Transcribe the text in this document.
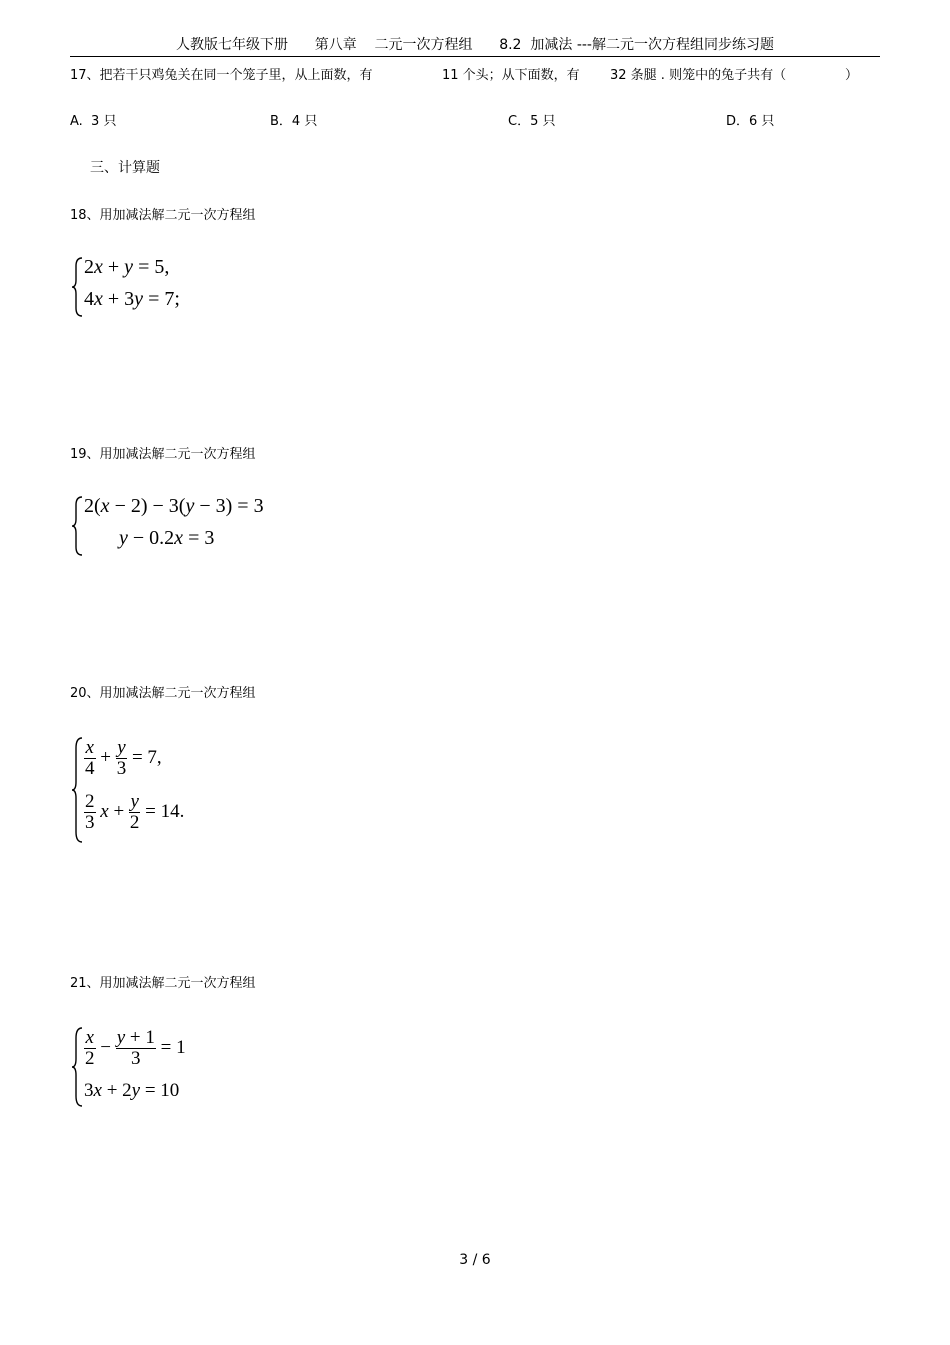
人教版七年级下册      第八章    二元一次方程组      8.2  加减法 ---解二元一次方程组同步练习题
17、把若干只鸡兔关在同一个笼子里，从上面数，有	11 个头；从下面数，有 32 条腿 . 则笼中的兔子共有（	）
A.  3 只	B．4 只	C．5 只	D．6 只
三、计算题
18、用加减法解二元一次方程组
2x + y = 5,
4x + 3y = 7;
19、用加减法解二元一次方程组
2(x − 2) − 3(y − 3) = 3
y − 0.2x = 3
20、用加减法解二元一次方程组
$\frac{x}{4} + \frac{y}{3} = 7$,
$\frac{2}{3}$ $x + \frac{y}{2} = 14$.
21、用加减法解二元一次方程组
$\frac{x}{2} - \frac{y + 1}{3} = 1$
3x + 2y = 10
3 / 6
